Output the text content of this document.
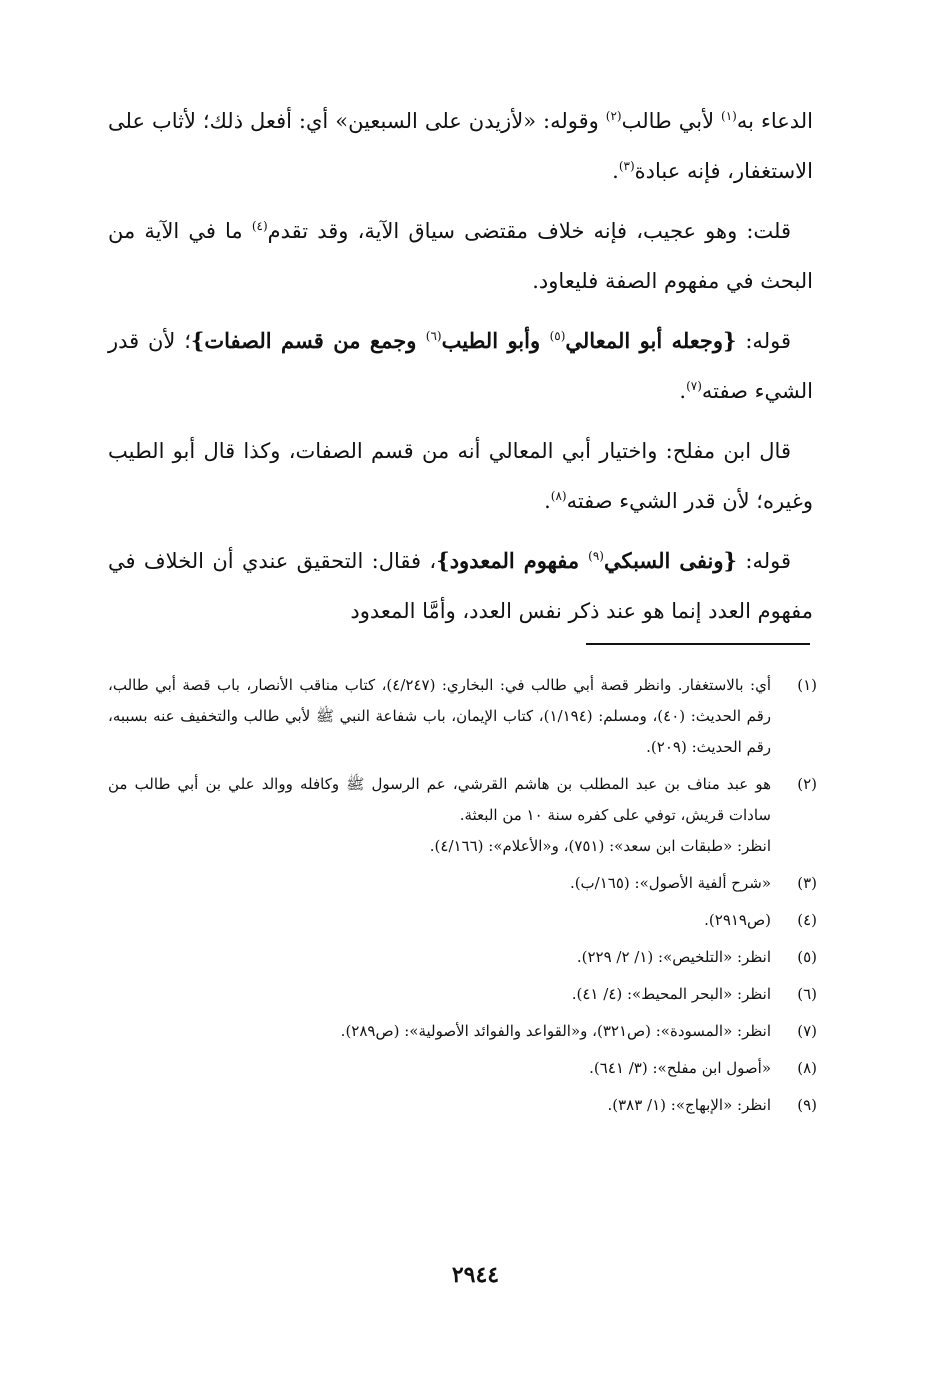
الدعاء به$^{(١)}$ لأبي طالب$^{(٢)}$ وقوله: «لأزيدن على السبعين» أي: أفعل ذلك؛ لأثاب على الاستغفار، فإنه عبادة$^{(٣)}$.

قلت: وهو عجيب، فإنه خلاف مقتضى سياق الآية، وقد تقدم$^{(٤)}$ ما في الآية من البحث في مفهوم الصفة فليعاود.

قوله: {وجعله أبو المعالي$^{(٥)}$ وأبو الطيب$^{(٦)}$ وجمع من قسم الصفات}؛ لأن قدر الشيء صفته$^{(٧)}$.

قال ابن مفلح: واختيار أبي المعالي أنه من قسم الصفات، وكذا قال أبو الطيب وغيره؛ لأن قدر الشيء صفته$^{(٨)}$.

قوله: {ونفى السبكي$^{(٩)}$ مفهوم المعدود}، فقال: التحقيق عندي أن الخلاف في مفهوم العدد إنما هو عند ذكر نفس العدد، وأمَّا المعدود

(١)
أي: بالاستغفار. وانظر قصة أبي طالب في: البخاري: (٤/٢٤٧)، كتاب مناقب الأنصار، باب قصة أبي طالب، رقم الحديث: (٤٠)، ومسلم: (١/١٩٤)، كتاب الإيمان، باب شفاعة النبي ﷺ لأبي طالب والتخفيف عنه بسببه، رقم الحديث: (٢٠٩).
(٢)
هو عبد مناف بن عبد المطلب بن هاشم القرشي، عم الرسول ﷺ وكافله ووالد علي بن أبي طالب من سادات قريش، توفي على كفره سنة ١٠ من البعثة.
انظر: «طبقات ابن سعد»: (٧٥١)، و«الأعلام»: (٤/١٦٦).
(٣)
«شرح ألفية الأصول»: (١٦٥/ب).
(٤)
(ص٢٩١٩).
(٥)
انظر: «التلخيص»: (١/ ٢/ ٢٢٩).
(٦)
انظر: «البحر المحيط»: (٤/ ٤١).
(٧)
انظر: «المسودة»: (ص٣٢١)، و«القواعد والفوائد الأصولية»: (ص٢٨٩).
(٨)
«أصول ابن مفلح»: (٣/ ٦٤١).
(٩)
انظر: «الإبهاج»: (١/ ٣٨٣).
٢٩٤٤
